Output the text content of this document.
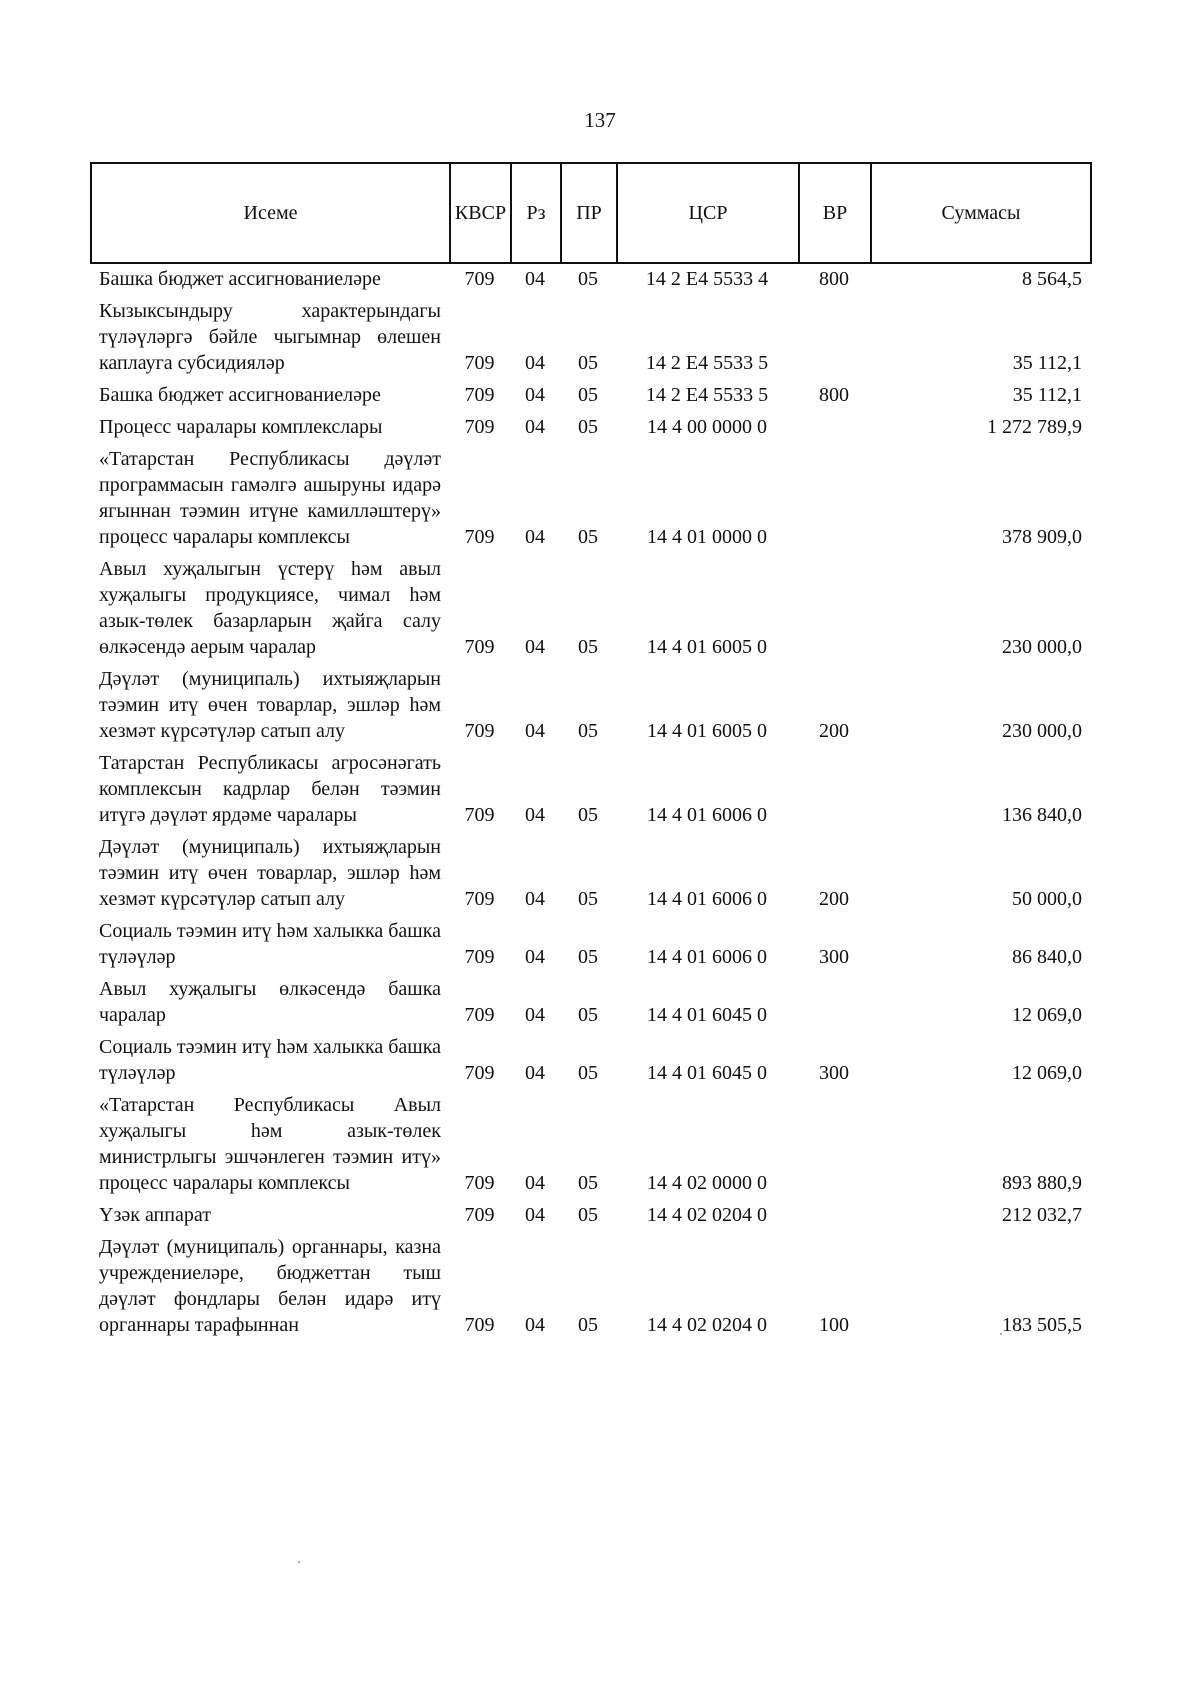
137
Исеме	КВСР	Рз	ПР	ЦСР	ВР	Суммасы
Башка бюджет ассигнованиеләре	709	04	05	14 2 E4 5533 4	800	8 564,5
Кызыксындыру характерындагы түләүләргә бәйле чыгымнар өлешен каплауга субсидияләр	709	04	05	14 2 E4 5533 5		35 112,1
Башка бюджет ассигнованиеләре	709	04	05	14 2 E4 5533 5	800	35 112,1
Процесс чаралары комплекслары	709	04	05	14 4 00 0000 0		1 272 789,9
«Татарстан Республикасы дәүләт программасын гамәлгә ашыруны идарә ягыннан тәэмин итүне камилләштерү» процесс чаралары комплексы	709	04	05	14 4 01 0000 0		378 909,0
Авыл хуҗалыгын үстерү һәм авыл хуҗалыгы продукциясе, чимал һәм азык-төлек базарларын җайга салу өлкәсендә аерым чаралар	709	04	05	14 4 01 6005 0		230 000,0
Дәүләт (муниципаль) ихтыяҗларын тәэмин итү өчен товарлар, эшләр һәм хезмәт күрсәтүләр сатып алу	709	04	05	14 4 01 6005 0	200	230 000,0
Татарстан Республикасы агросәнәгать комплексын кадрлар белән тәэмин итүгә дәүләт ярдәме чаралары	709	04	05	14 4 01 6006 0		136 840,0
Дәүләт (муниципаль) ихтыяҗларын тәэмин итү өчен товарлар, эшләр һәм хезмәт күрсәтүләр сатып алу	709	04	05	14 4 01 6006 0	200	50 000,0
Социаль тәэмин итү һәм халыкка башка түләүләр	709	04	05	14 4 01 6006 0	300	86 840,0
Авыл хуҗалыгы өлкәсендә башка чаралар	709	04	05	14 4 01 6045 0		12 069,0
Социаль тәэмин итү һәм халыкка башка түләүләр	709	04	05	14 4 01 6045 0	300	12 069,0
«Татарстан Республикасы Авыл хуҗалыгы һәм азык-төлек министрлыгы эшчәнлеген тәэмин итү» процесс чаралары комплексы	709	04	05	14 4 02 0000 0		893 880,9
Үзәк аппарат	709	04	05	14 4 02 0204 0		212 032,7
Дәүләт (муниципаль) органнары, казна учреждениеләре, бюджеттан тыш дәүләт фондлары белән идарә итү органнары тарафыннан	709	04	05	14 4 02 0204 0	100	183 505,5
